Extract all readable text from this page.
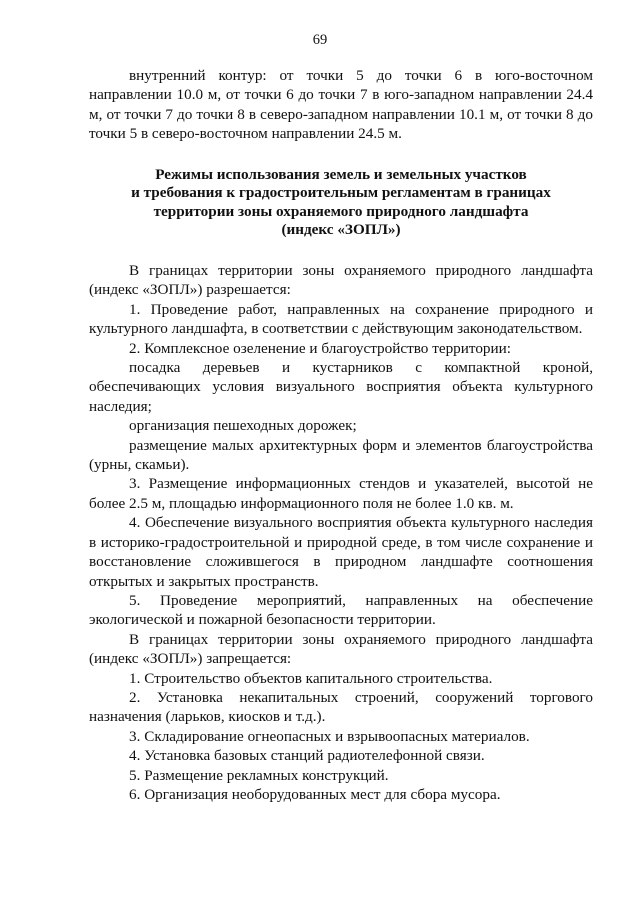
69

внутренний контур: от точки 5 до точки 6 в юго-восточном направлении 10.0 м, от точки 6 до точки 7 в юго-западном направлении 24.4 м, от точки 7 до точки 8 в северо-западном направлении 10.1 м, от точки 8 до точки 5 в северо-восточном направлении 24.5 м.

Режимы использования земель и земельных участков
и требования к градостроительным регламентам в границах
территории зоны охраняемого природного ландшафта
(индекс «ЗОПЛ»)

В границах территории зоны охраняемого природного ландшафта (индекс «ЗОПЛ») разрешается:

1. Проведение работ, направленных на сохранение природного и культурного ландшафта, в соответствии с действующим законодательством.

2. Комплексное озеленение и благоустройство территории:

посадка деревьев и кустарников с компактной кроной, обеспечивающих условия визуального восприятия объекта культурного наследия;

организация пешеходных дорожек;

размещение малых архитектурных форм и элементов благоустройства (урны, скамьи).

3. Размещение информационных стендов и указателей, высотой не более 2.5 м, площадью информационного поля не более 1.0 кв. м.

4. Обеспечение визуального восприятия объекта культурного наследия в историко-градостроительной и природной среде, в том числе сохранение и восстановление сложившегося в природном ландшафте соотношения открытых и закрытых пространств.

5. Проведение мероприятий, направленных на обеспечение экологической и пожарной безопасности территории.

В границах территории зоны охраняемого природного ландшафта (индекс «ЗОПЛ») запрещается:

1. Строительство объектов капитального строительства.

2. Установка некапитальных строений, сооружений торгового назначения (ларьков, киосков и т.д.).

3. Складирование огнеопасных и взрывоопасных материалов.

4. Установка базовых станций радиотелефонной связи.

5. Размещение рекламных конструкций.

6. Организация необорудованных мест для сбора мусора.
